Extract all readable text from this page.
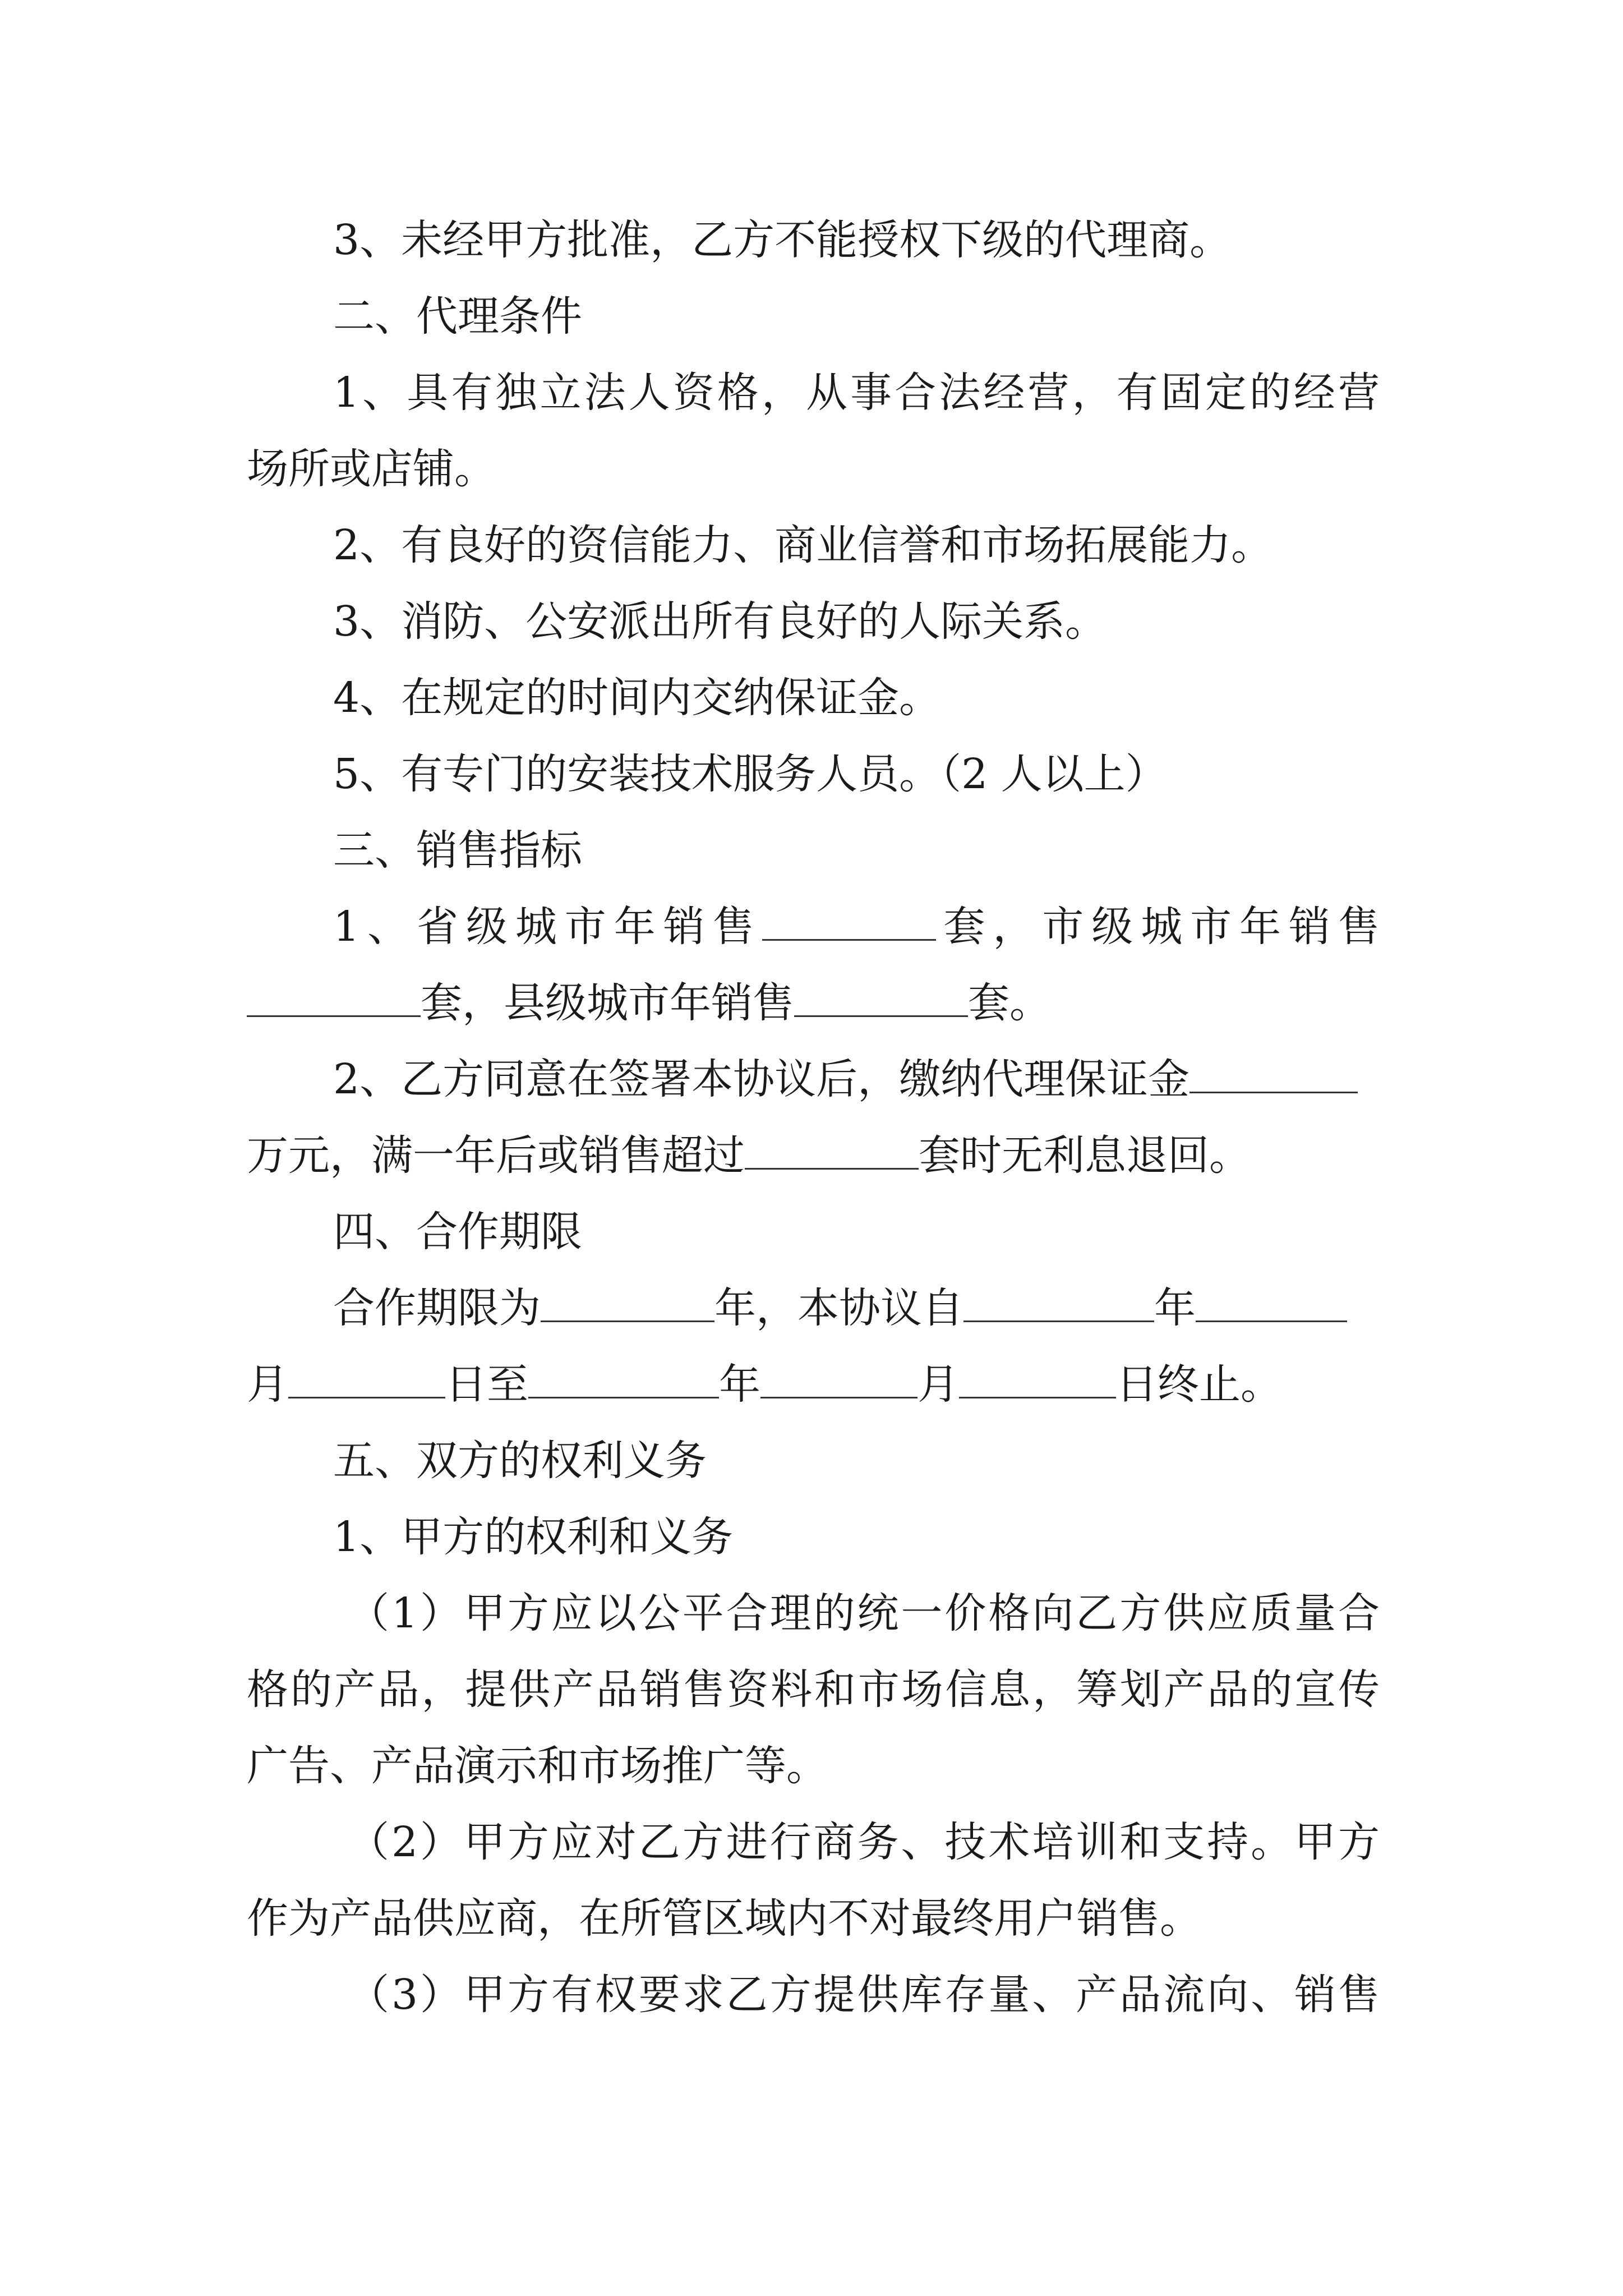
3、未经甲方批准，乙方不能授权下级的代理商。
二、代理条件
1、具有独立法人资格，从事合法经营，有固定的经营
场所或店铺。
2、有良好的资信能力、商业信誉和市场拓展能力。
3、消防、公安派出所有良好的人际关系。
4、在规定的时间内交纳保证金。
5、有专门的安装技术服务人员。（2 人以上）
三、销售指标
1、省级城市年销售	套，市级城市年销售
套，县级城市年销售	套。
2、乙方同意在签署本协议后，缴纳代理保证金
万元，满一年后或销售超过	套时无利息退回。
四、合作期限
合作期限为	年，本协议自	年
月	日至	年	月	日终止。
五、双方的权利义务
1、甲方的权利和义务
（1）甲方应以公平合理的统一价格向乙方供应质量合
格的产品，提供产品销售资料和市场信息，筹划产品的宣传
广告、产品演示和市场推广等。
（2）甲方应对乙方进行商务、技术培训和支持。甲方
作为产品供应商，在所管区域内不对最终用户销售。
（3）甲方有权要求乙方提供库存量、产品流向、销售
